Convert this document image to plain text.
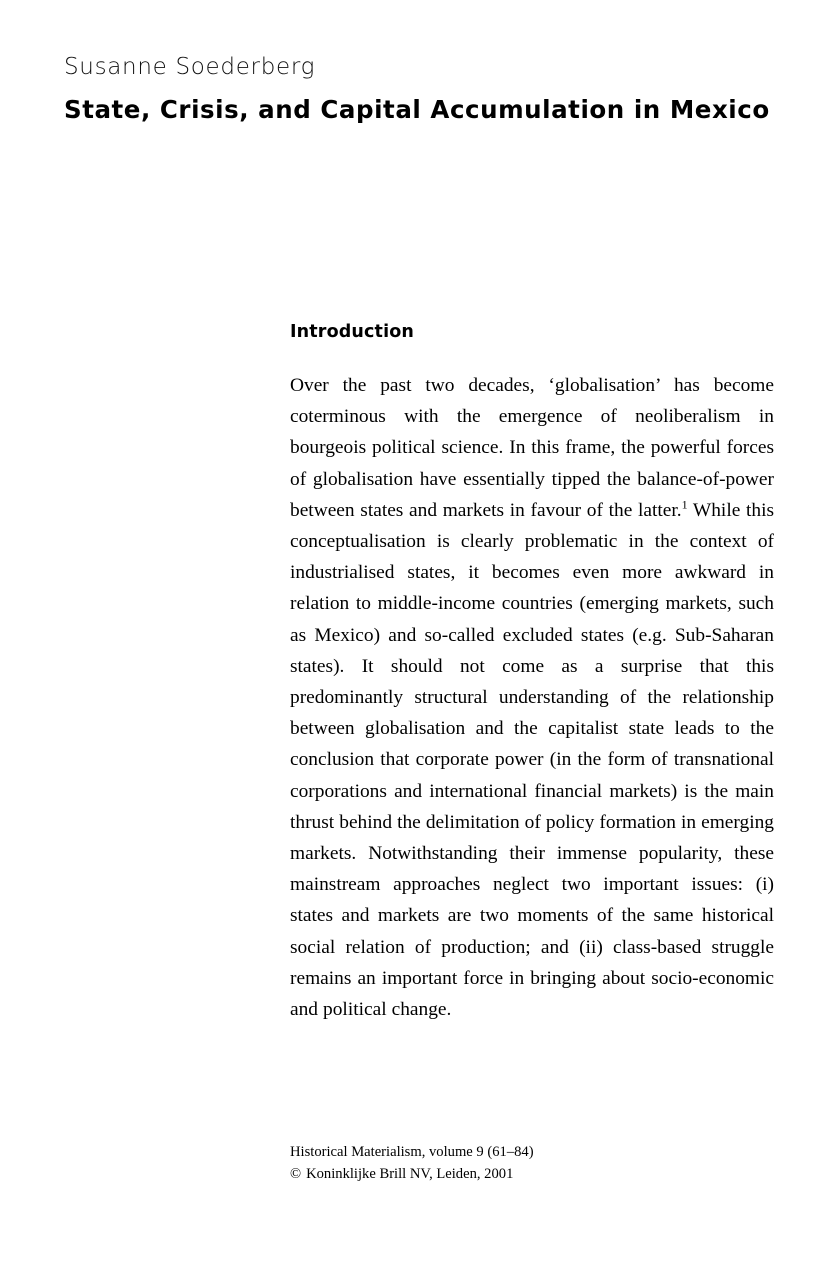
Susanne Soederberg
State, Crisis, and Capital Accumulation in Mexico
Introduction

Over the past two decades, ‘globalisation’ has become coterminous with the emergence of neoliberalism in bourgeois political science. In this frame, the powerful forces of globalisation have essentially tipped the balance-of-power between states and markets in favour of the latter.$^1$ While this conceptualisation is clearly problematic in the context of industrialised states, it becomes even more awkward in relation to middle-income countries (emerging markets, such as Mexico) and so-called excluded states (e.g. Sub-Saharan states). It should not come as a surprise that this predominantly structural understanding of the relationship between globalisation and the capitalist state leads to the conclusion that corporate power (in the form of transnational corporations and international financial markets) is the main thrust behind the delimitation of policy formation in emerging markets. Notwithstanding their immense popularity, these mainstream approaches neglect two important issues: (i) states and markets are two moments of the same historical social relation of production; and (ii) class-based struggle remains an important force in bringing about socio-economic and political change.

Historical Materialism, volume 9 (61–84)
© Koninklijke Brill NV, Leiden, 2001
